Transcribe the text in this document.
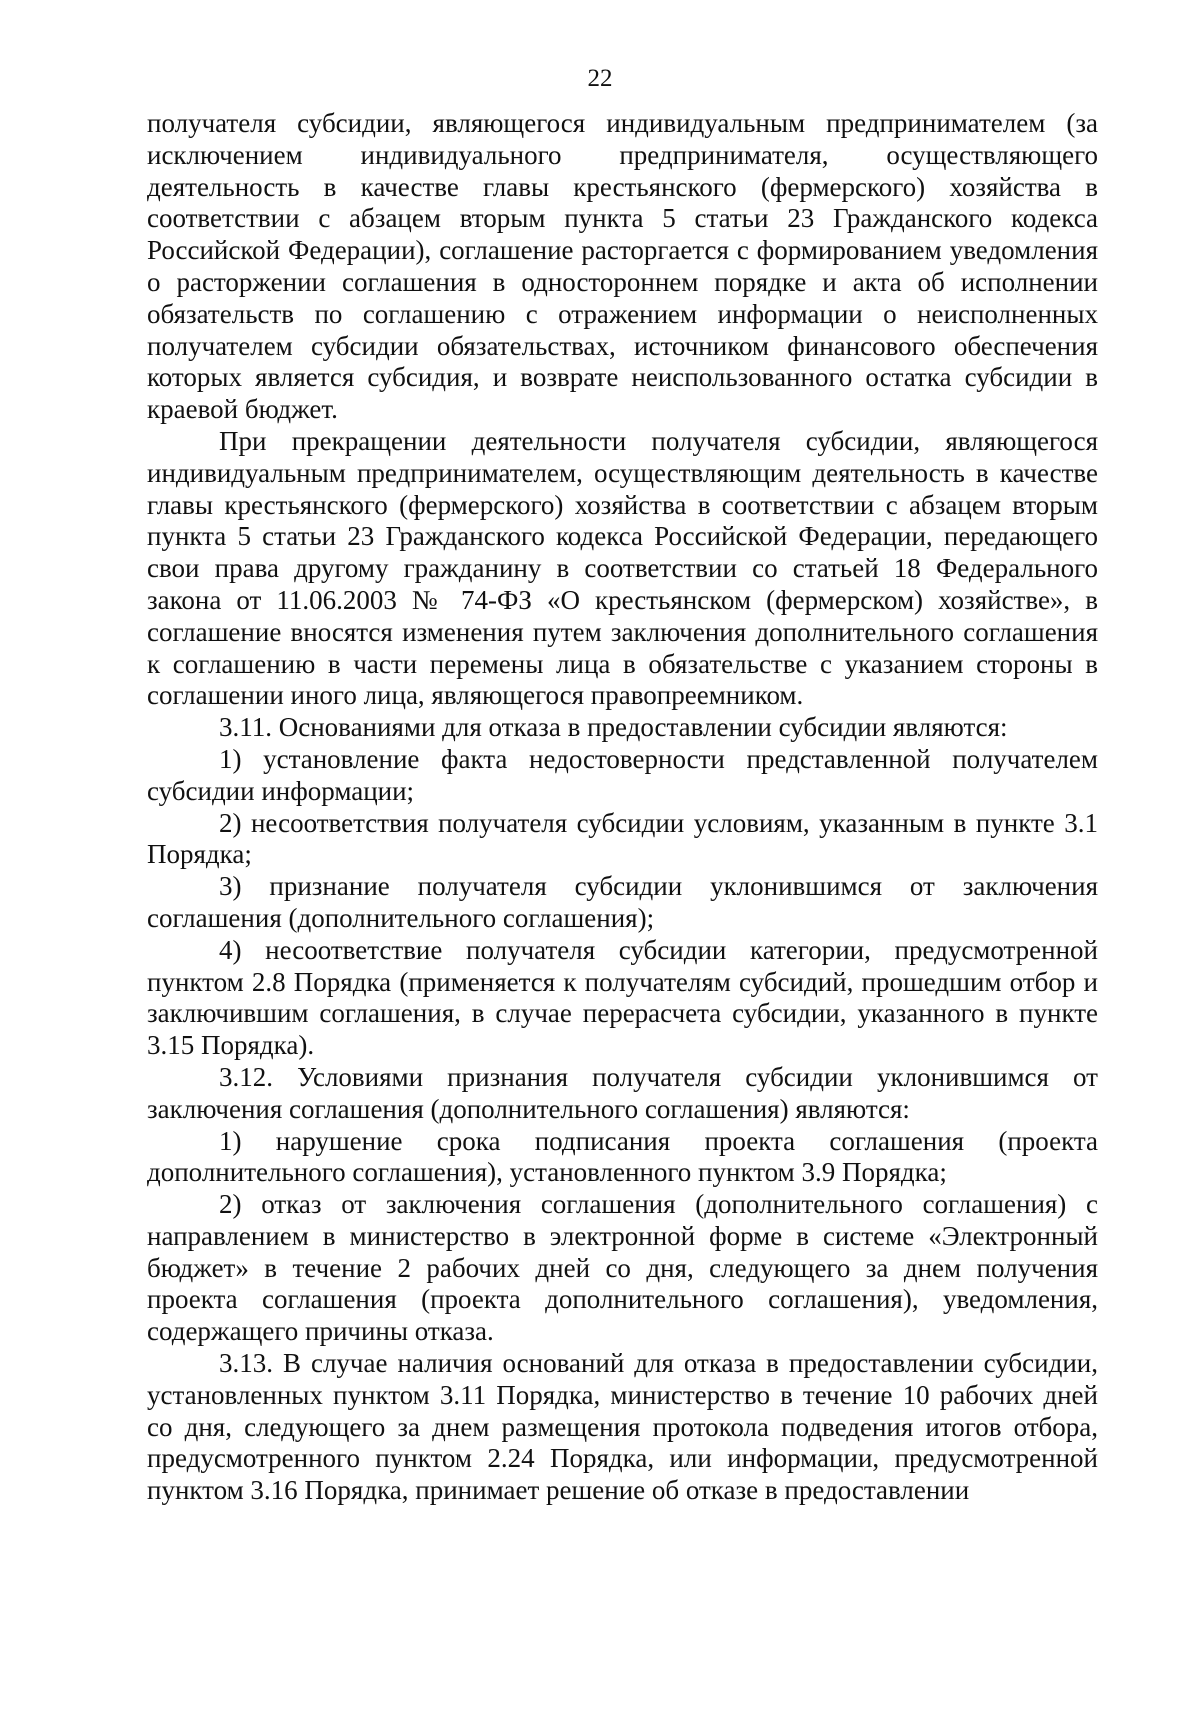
22

получателя субсидии, являющегося индивидуальным предпринимателем (за исключением индивидуального предпринимателя, осуществляющего деятельность в качестве главы крестьянского (фермерского) хозяйства в соответствии с абзацем вторым пункта 5 статьи 23 Гражданского кодекса Российской Федерации), соглашение расторгается с формированием уведомления о расторжении соглашения в одностороннем порядке и акта об исполнении обязательств по соглашению с отражением информации о неисполненных получателем субсидии обязательствах, источником финансового обеспечения которых является субсидия, и возврате неиспользованного остатка субсидии в краевой бюджет.

При прекращении деятельности получателя субсидии, являющегося индивидуальным предпринимателем, осуществляющим деятельность в качестве главы крестьянского (фермерского) хозяйства в соответствии с абзацем вторым пункта 5 статьи 23 Гражданского кодекса Российской Федерации, передающего свои права другому гражданину в соответствии со статьей 18 Федерального закона от 11.06.2003 № 74-ФЗ «О крестьянском (фермерском) хозяйстве», в соглашение вносятся изменения путем заключения дополнительного соглашения к соглашению в части перемены лица в обязательстве с указанием стороны в соглашении иного лица, являющегося правопреемником.

3.11. Основаниями для отказа в предоставлении субсидии являются:

1) установление факта недостоверности представленной получателем субсидии информации;

2) несоответствия получателя субсидии условиям, указанным в пункте 3.1 Порядка;

3) признание получателя субсидии уклонившимся от заключения соглашения (дополнительного соглашения);

4) несоответствие получателя субсидии категории, предусмотренной пунктом 2.8 Порядка (применяется к получателям субсидий, прошедшим отбор и заключившим соглашения, в случае перерасчета субсидии, указанного в пункте 3.15 Порядка).

3.12. Условиями признания получателя субсидии уклонившимся от заключения соглашения (дополнительного соглашения) являются:

1) нарушение срока подписания проекта соглашения (проекта дополнительного соглашения), установленного пунктом 3.9 Порядка;

2) отказ от заключения соглашения (дополнительного соглашения) с направлением в министерство в электронной форме в системе «Электронный бюджет» в течение 2 рабочих дней со дня, следующего за днем получения проекта соглашения (проекта дополнительного соглашения), уведомления, содержащего причины отказа.

3.13. В случае наличия оснований для отказа в предоставлении субсидии, установленных пунктом 3.11 Порядка, министерство в течение 10 рабочих дней со дня, следующего за днем размещения протокола подведения итогов отбора, предусмотренного пунктом 2.24 Порядка, или информации, предусмотренной пунктом 3.16 Порядка, принимает решение об отказе в предоставлении
